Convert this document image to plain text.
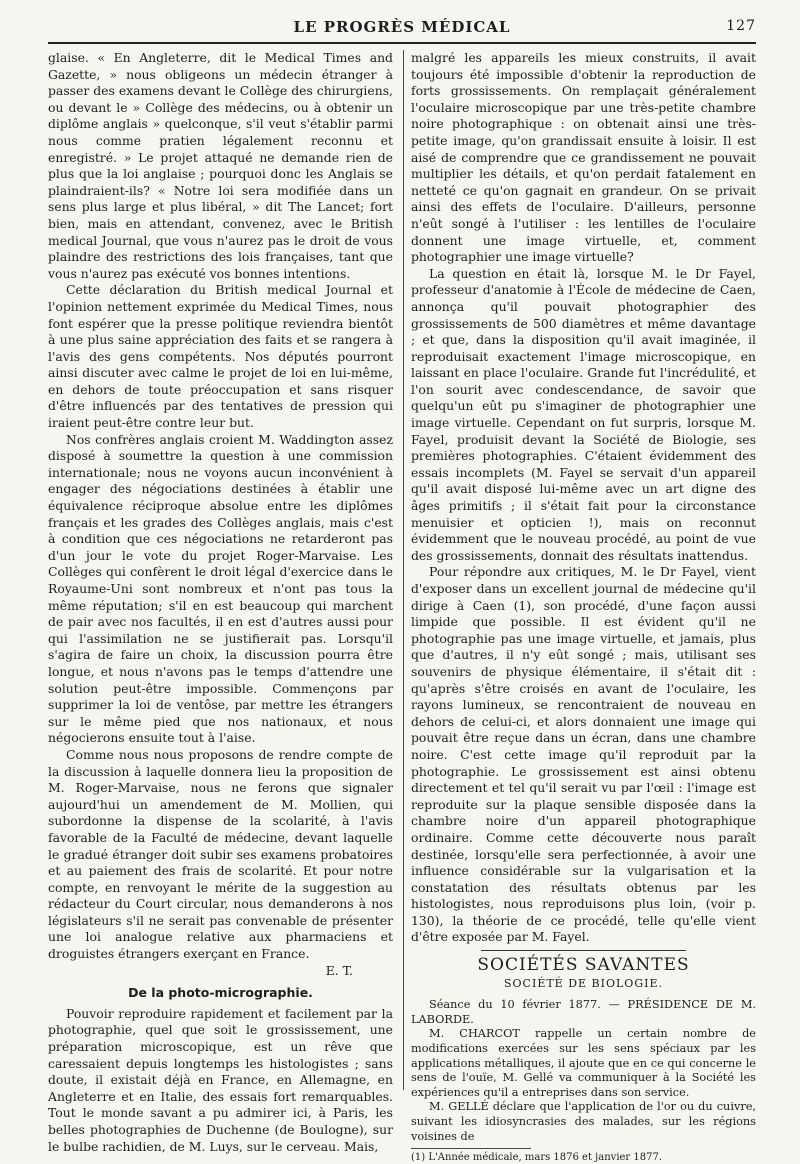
LE PROGRÈS MÉDICAL	127

glaise. « En Angleterre, dit le Medical Times and Gazette, » nous obligeons un médecin étranger à passer des examens devant le Collège des chirurgiens, ou devant le » Collège des médecins, ou à obtenir un diplôme anglais » quelconque, s'il veut s'établir parmi nous comme pratien légalement reconnu et enregistré. » Le projet attaqué ne demande rien de plus que la loi anglaise ; pourquoi donc les Anglais se plaindraient-ils? « Notre loi sera modifiée dans un sens plus large et plus libéral, » dit The Lancet; fort bien, mais en attendant, convenez, avec le British medical Journal, que vous n'aurez pas le droit de vous plaindre des restrictions des lois françaises, tant que vous n'aurez pas exécuté vos bonnes intentions.

Cette déclaration du British medical Journal et l'opinion nettement exprimée du Medical Times, nous font espérer que la presse politique reviendra bientôt à une plus saine appréciation des faits et se rangera à l'avis des gens compétents. Nos députés pourront ainsi discuter avec calme le projet de loi en lui-même, en dehors de toute préoccupation et sans risquer d'être influencés par des tentatives de pression qui iraient peut-être contre leur but.

Nos confrères anglais croient M. Waddington assez disposé à soumettre la question à une commission internationale; nous ne voyons aucun inconvénient à engager des négociations destinées à établir une équivalence réciproque absolue entre les diplômes français et les grades des Collèges anglais, mais c'est à condition que ces négociations ne retarderont pas d'un jour le vote du projet Roger-Marvaise. Les Collèges qui confèrent le droit légal d'exercice dans le Royaume-Uni sont nombreux et n'ont pas tous la même réputation; s'il en est beaucoup qui marchent de pair avec nos facultés, il en est d'autres aussi pour qui l'assimilation ne se justifierait pas. Lorsqu'il s'agira de faire un choix, la discussion pourra être longue, et nous n'avons pas le temps d'attendre une solution peut-être impossible. Commençons par supprimer la loi de ventôse, par mettre les étrangers sur le même pied que nos nationaux, et nous négocierons ensuite tout à l'aise.

Comme nous nous proposons de rendre compte de la discussion à laquelle donnera lieu la proposition de M. Roger-Marvaise, nous ne ferons que signaler aujourd'hui un amendement de M. Mollien, qui subordonne la dispense de la scolarité, à l'avis favorable de la Faculté de médecine, devant laquelle le gradué étranger doit subir ses examens probatoires et au paiement des frais de scolarité. Et pour notre compte, en renvoyant le mérite de la suggestion au rédacteur du Court circular, nous demanderons à nos législateurs s'il ne serait pas convenable de présenter une loi analogue relative aux pharmaciens et droguistes étrangers exerçant en France.

E. T.
De la photo-micrographie.

Pouvoir reproduire rapidement et facilement par la photographie, quel que soit le grossissement, une préparation microscopique, est un rêve que caressaient depuis longtemps les histologistes ; sans doute, il existait déjà en France, en Allemagne, en Angleterre et en Italie, des essais fort remarquables. Tout le monde savant a pu admirer ici, à Paris, les belles photographies de Duchenne (de Boulogne), sur le bulbe rachidien, de M. Luys, sur le cerveau. Mais,

malgré les appareils les mieux construits, il avait toujours été impossible d'obtenir la reproduction de forts grossissements. On remplaçait généralement l'oculaire microscopique par une très-petite chambre noire photographique : on obtenait ainsi une très-petite image, qu'on grandissait ensuite à loisir. Il est aisé de comprendre que ce grandissement ne pouvait multiplier les détails, et qu'on perdait fatalement en netteté ce qu'on gagnait en grandeur. On se privait ainsi des effets de l'oculaire. D'ailleurs, personne n'eût songé à l'utiliser : les lentilles de l'oculaire donnent une image virtuelle, et, comment photographier une image virtuelle?

La question en était là, lorsque M. le Dr Fayel, professeur d'anatomie à l'École de médecine de Caen, annonça qu'il pouvait photographier des grossissements de 500 diamètres et même davantage ; et que, dans la disposition qu'il avait imaginée, il reproduisait exactement l'image microscopique, en laissant en place l'oculaire. Grande fut l'incrédulité, et l'on sourit avec condescendance, de savoir que quelqu'un eût pu s'imaginer de photographier une image virtuelle. Cependant on fut surpris, lorsque M. Fayel, produisit devant la Société de Biologie, ses premières photographies. C'étaient évidemment des essais incomplets (M. Fayel se servait d'un appareil qu'il avait disposé lui-même avec un art digne des âges primitifs ; il s'était fait pour la circonstance menuisier et opticien !), mais on reconnut évidemment que le nouveau procédé, au point de vue des grossissements, donnait des résultats inattendus.

Pour répondre aux critiques, M. le Dr Fayel, vient d'exposer dans un excellent journal de médecine qu'il dirige à Caen (1), son procédé, d'une façon aussi limpide que possible. Il est évident qu'il ne photographie pas une image virtuelle, et jamais, plus que d'autres, il n'y eût songé ; mais, utilisant ses souvenirs de physique élémentaire, il s'était dit : qu'après s'être croisés en avant de l'oculaire, les rayons lumineux, se rencontraient de nouveau en dehors de celui-ci, et alors donnaient une image qui pouvait être reçue dans un écran, dans une chambre noire. C'est cette image qu'il reproduit par la photographie. Le grossissement est ainsi obtenu directement et tel qu'il serait vu par l'œil : l'image est reproduite sur la plaque sensible disposée dans la chambre noire d'un appareil photographique ordinaire. Comme cette découverte nous paraît destinée, lorsqu'elle sera perfectionnée, à avoir une influence considérable sur la vulgarisation et la constatation des résultats obtenus par les histologistes, nous reproduisons plus loin, (voir p. 130), la théorie de ce procédé, telle qu'elle vient d'être exposée par M. Fayel.

SOCIÉTÉS SAVANTES
SOCIÉTÉ DE BIOLOGIE.

Séance du 10 février 1877. — PRÉSIDENCE DE M. LABORDE.

M. CHARCOT rappelle un certain nombre de modifications exercées sur les sens spéciaux par les applications métalliques, il ajoute que en ce qui concerne le sens de l'ouïe, M. Gellé va communiquer à la Société les expériences qu'il a entreprises dans son service.

M. GELLÉ déclare que l'application de l'or ou du cuivre, suivant les idiosyncrasies des malades, sur les régions voisines de

(1) L'Année médicale, mars 1876 et janvier 1877.
